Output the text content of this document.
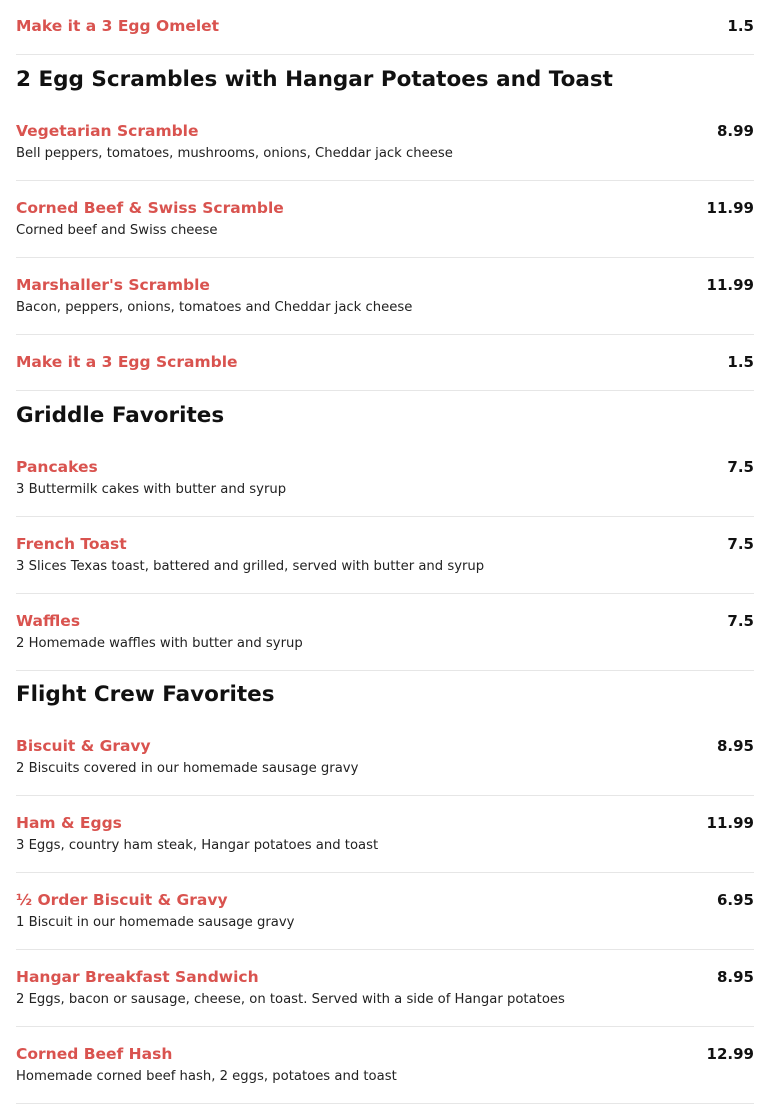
Make it a 3 Egg Omelet	1.5
2 Egg Scrambles with Hangar Potatoes and Toast
Vegetarian Scramble
Bell peppers, tomatoes, mushrooms, onions, Cheddar jack cheese
8.99
Corned Beef & Swiss Scramble
Corned beef and Swiss cheese
11.99
Marshaller's Scramble
Bacon, peppers, onions, tomatoes and Cheddar jack cheese
11.99
Make it a 3 Egg Scramble	1.5
Griddle Favorites
Pancakes
3 Buttermilk cakes with butter and syrup
7.5
French Toast
3 Slices Texas toast, battered and grilled, served with butter and syrup
7.5
Waffles
2 Homemade waffles with butter and syrup
7.5
Flight Crew Favorites
Biscuit & Gravy
2 Biscuits covered in our homemade sausage gravy
8.95
Ham & Eggs
3 Eggs, country ham steak, Hangar potatoes and toast
11.99
½ Order Biscuit & Gravy
1 Biscuit in our homemade sausage gravy
6.95
Hangar Breakfast Sandwich
2 Eggs, bacon or sausage, cheese, on toast. Served with a side of Hangar potatoes
8.95
Corned Beef Hash
Homemade corned beef hash, 2 eggs, potatoes and toast
12.99
